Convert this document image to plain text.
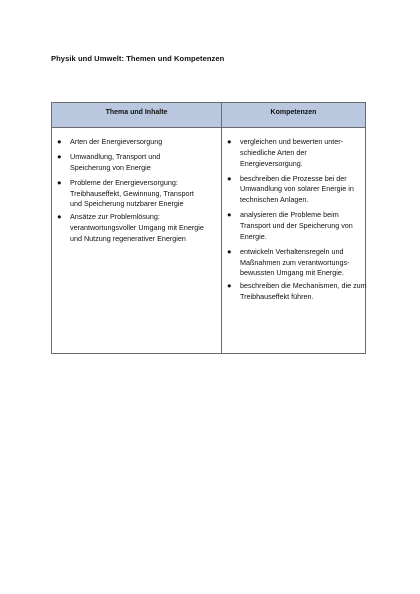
Physik und Umwelt: Themen und Kompetenzen
Thema und Inhalte	Kompetenzen
● Arten der Energieversorgung
● Umwandlung, Transport und
Speicherung von Energie
● Probleme der Energieversorgung:
Treibhauseffekt, Gewinnung, Transport
und Speicherung nutzbarer Energie
● Ansätze zur Problemlösung:
verantwortungsvoller Umgang mit Energie
und Nutzung regenerativer Energien
● vergleichen und bewerten unter-
schiedliche Arten der
Energieversorgung.
● beschreiben die Prozesse bei der
Umwandlung von solarer Energie in
technischen Anlagen.
● analysieren die Probleme beim
Transport und der Speicherung von
Energie.
● entwickeln Verhaltensregeln und
Maßnahmen zum verantwortungs-
bewussten Umgang mit Energie.
● beschreiben die Mechanismen, die zum
Treibhauseffekt führen.
